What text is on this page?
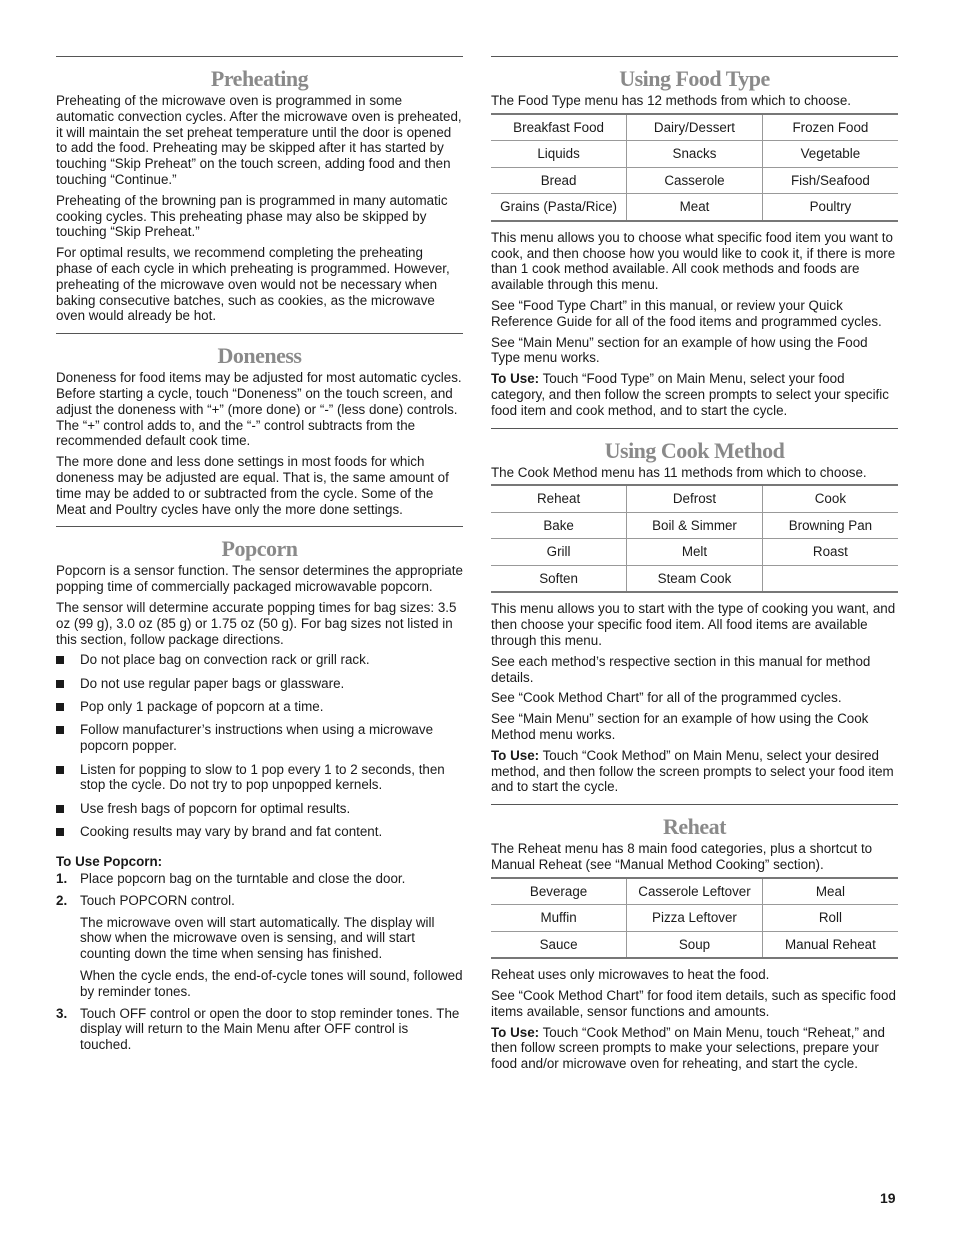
Preheating

Preheating of the microwave oven is programmed in some automatic convection cycles. After the microwave oven is preheated, it will maintain the set preheat temperature until the door is opened to add the food. Preheating may be skipped after it has started by touching “Skip Preheat” on the touch screen, adding food and then touching “Continue.”

Preheating of the browning pan is programmed in many automatic cooking cycles. This preheating phase may also be skipped by touching “Skip Preheat.”

For optimal results, we recommend completing the preheating phase of each cycle in which preheating is programmed. However, preheating of the microwave oven would not be necessary when baking consecutive batches, such as cookies, as the microwave oven would already be hot.

Doneness

Doneness for food items may be adjusted for most automatic cycles. Before starting a cycle, touch “Doneness” on the touch screen, and adjust the doneness with “+” (more done) or “-” (less done) controls. The “+” control adds to, and the “-” control subtracts from the recommended default cook time.

The more done and less done settings in most foods for which doneness may be adjusted are equal. That is, the same amount of time may be added to or subtracted from the cycle. Some of the Meat and Poultry cycles have only the more done settings.

Popcorn

Popcorn is a sensor function. The sensor determines the appropriate popping time of commercially packaged microwavable popcorn.

The sensor will determine accurate popping times for bag sizes: 3.5 oz (99 g), 3.0 oz (85 g) or 1.75 oz (50 g). For bag sizes not listed in this section, follow package directions.

Do not place bag on convection rack or grill rack.
Do not use regular paper bags or glassware.
Pop only 1 package of popcorn at a time.
Follow manufacturer’s instructions when using a microwave popcorn popper.
Listen for popping to slow to 1 pop every 1 to 2 seconds, then stop the cycle. Do not try to pop unpopped kernels.
Use fresh bags of popcorn for optimal results.
Cooking results may vary by brand and fat content.
To Use Popcorn:
1. Place popcorn bag on the turntable and close the door.

2. Touch POPCORN control.

The microwave oven will start automatically. The display will show when the microwave oven is sensing, and will start counting down the time when sensing has finished.

When the cycle ends, the end-of-cycle tones will sound, followed by reminder tones.

3. Touch OFF control or open the door to stop reminder tones. The display will return to the Main Menu after OFF control is touched.

Using Food Type

The Food Type menu has 12 methods from which to choose.

Breakfast Food	Dairy/Dessert	Frozen Food
Liquids	Snacks	Vegetable
Bread	Casserole	Fish/Seafood
Grains (Pasta/Rice)	Meat	Poultry

This menu allows you to choose what specific food item you want to cook, and then choose how you would like to cook it, if there is more than 1 cook method available. All cook methods and foods are available through this menu.

See “Food Type Chart” in this manual, or review your Quick Reference Guide for all of the food items and programmed cycles.

See “Main Menu” section for an example of how using the Food Type menu works.

To Use: Touch “Food Type” on Main Menu, select your food category, and then follow the screen prompts to select your specific food item and cook method, and to start the cycle.

Using Cook Method

The Cook Method menu has 11 methods from which to choose.

Reheat	Defrost	Cook
Bake	Boil & Simmer	Browning Pan
Grill	Melt	Roast
Soften	Steam Cook	

This menu allows you to start with the type of cooking you want, and then choose your specific food item. All food items are available through this menu.

See each method’s respective section in this manual for method details.

See “Cook Method Chart” for all of the programmed cycles.

See “Main Menu” section for an example of how using the Cook Method menu works.

To Use: Touch “Cook Method” on Main Menu, select your desired method, and then follow the screen prompts to select your food item and to start the cycle.

Reheat

The Reheat menu has 8 main food categories, plus a shortcut to Manual Reheat (see “Manual Method Cooking” section).

Beverage	Casserole Leftover	Meal
Muffin	Pizza Leftover	Roll
Sauce	Soup	Manual Reheat

Reheat uses only microwaves to heat the food.

See “Cook Method Chart” for food item details, such as specific food items available, sensor functions and amounts.

To Use: Touch “Cook Method” on Main Menu, touch “Reheat,” and then follow screen prompts to make your selections, prepare your food and/or microwave oven for reheating, and start the cycle.

19
